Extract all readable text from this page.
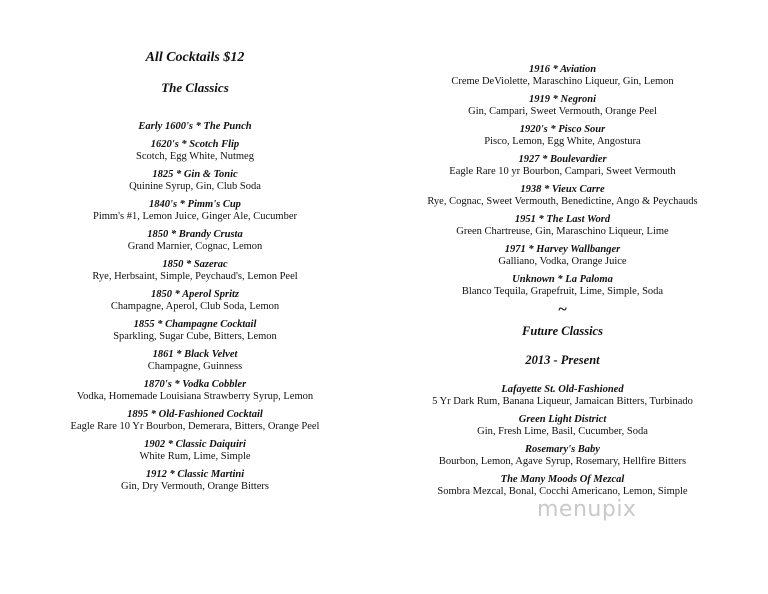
All Cocktails $12
The Classics
Early 1600's * The Punch
1620's * Scotch Flip
Scotch, Egg White, Nutmeg
1825 * Gin & Tonic
Quinine Syrup, Gin, Club Soda
1840's * Pimm's Cup
Pimm's #1, Lemon Juice, Ginger Ale, Cucumber
1850 * Brandy Crusta
Grand Marnier, Cognac, Lemon
1850 * Sazerac
Rye, Herbsaint, Simple, Peychaud's, Lemon Peel
1850 * Aperol Spritz
Champagne, Aperol, Club Soda, Lemon
1855 * Champagne Cocktail
Sparkling, Sugar Cube, Bitters, Lemon
1861 * Black Velvet
Champagne, Guinness
1870's * Vodka Cobbler
Vodka, Homemade Louisiana Strawberry Syrup, Lemon
1895 * Old-Fashioned Cocktail
Eagle Rare 10 Yr Bourbon, Demerara, Bitters, Orange Peel
1902 * Classic Daiquiri
White Rum, Lime, Simple
1912 * Classic Martini
Gin, Dry Vermouth, Orange Bitters
1916 * Aviation
Creme DeViolette, Maraschino Liqueur, Gin, Lemon
1919 * Negroni
Gin, Campari, Sweet Vermouth, Orange Peel
1920's * Pisco Sour
Pisco, Lemon, Egg White, Angostura
1927 * Boulevardier
Eagle Rare 10 yr Bourbon, Campari, Sweet Vermouth
1938 * Vieux Carre
Rye, Cognac, Sweet Vermouth, Benedictine, Ango & Peychauds
1951 * The Last Word
Green Chartreuse, Gin, Maraschino Liqueur, Lime
1971 * Harvey Wallbanger
Galliano, Vodka, Orange Juice
Unknown * La Paloma
Blanco Tequila, Grapefruit, Lime, Simple, Soda
~
Future Classics
2013 - Present
Lafayette St. Old-Fashioned
5 Yr Dark Rum, Banana Liqueur, Jamaican Bitters, Turbinado
Green Light District
Gin, Fresh Lime, Basil, Cucumber, Soda
Rosemary's Baby
Bourbon, Lemon, Agave Syrup, Rosemary, Hellfire Bitters
The Many Moods Of Mezcal
Sombra Mezcal, Bonal, Cocchi Americano, Lemon, Simple
menupix
